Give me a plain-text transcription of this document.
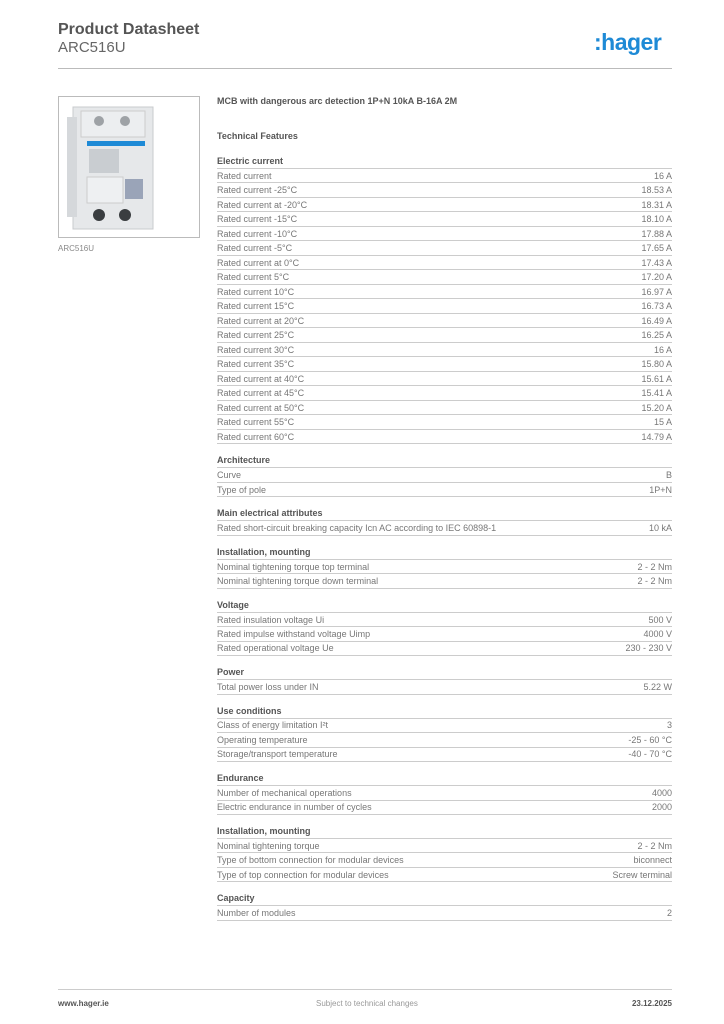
Product Datasheet
ARC516U	:hager
ARC516U
MCB with dangerous arc detection 1P+N 10kA B-16A 2M
Technical Features
Electric current
Rated current	16 A
Rated current -25°C	18.53 A
Rated current at -20°C	18.31 A
Rated current -15°C	18.10 A
Rated current -10°C	17.88 A
Rated current -5°C	17.65 A
Rated current at 0°C	17.43 A
Rated current 5°C	17.20 A
Rated current 10°C	16.97 A
Rated current 15°C	16.73 A
Rated current at 20°C	16.49 A
Rated current 25°C	16.25 A
Rated current 30°C	16 A
Rated current 35°C	15.80 A
Rated current at 40°C	15.61 A
Rated current at 45°C	15.41 A
Rated current at 50°C	15.20 A
Rated current 55°C	15 A
Rated current 60°C	14.79 A
Architecture
Curve	B
Type of pole	1P+N
Main electrical attributes
Rated short-circuit breaking capacity Icn AC according to IEC 60898-1	10 kA
Installation, mounting
Nominal tightening torque top terminal	2 - 2 Nm
Nominal tightening torque down terminal	2 - 2 Nm
Voltage
Rated insulation voltage Ui	500 V
Rated impulse withstand voltage Uimp	4000 V
Rated operational voltage Ue	230 - 230 V
Power
Total power loss under IN	5.22 W
Use conditions
Class of energy limitation I²t	3
Operating temperature	-25 - 60 °C
Storage/transport temperature	-40 - 70 °C
Endurance
Number of mechanical operations	4000
Electric endurance in number of cycles	2000
Installation, mounting
Nominal tightening torque	2 - 2 Nm
Type of bottom connection for modular devices	biconnect
Type of top connection for modular devices	Screw terminal
Capacity
Number of modules	2
www.hager.ie	Subject to technical changes	23.12.2025
